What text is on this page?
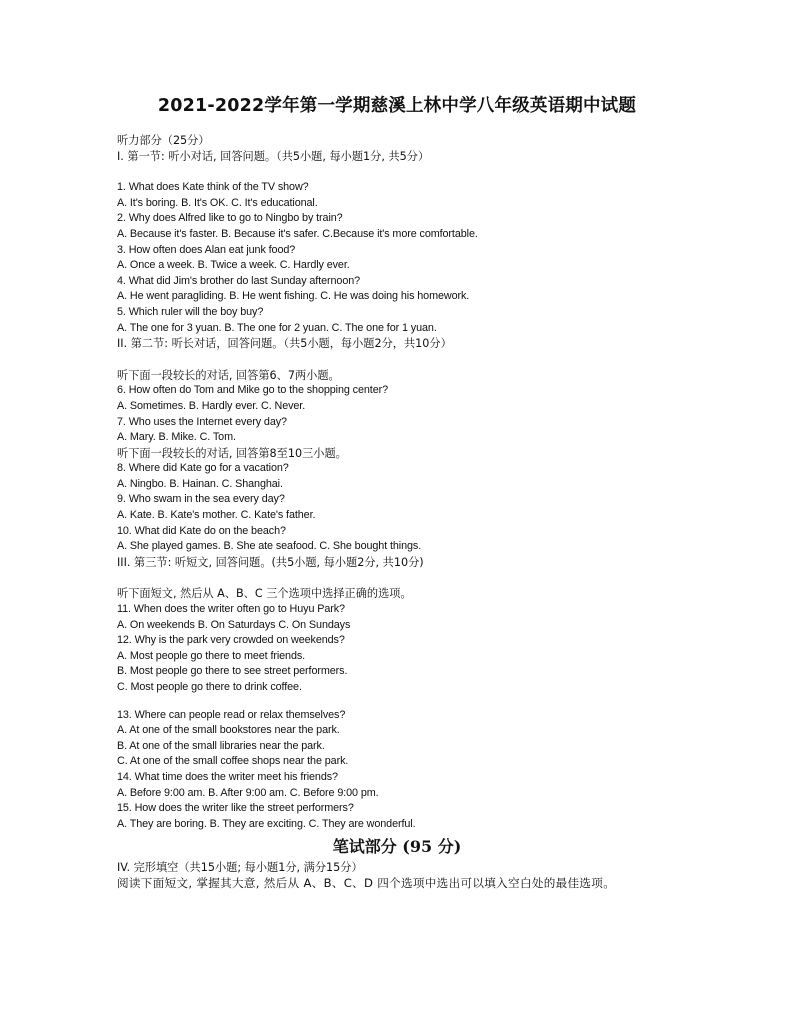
2021-2022学年第一学期慈溪上林中学八年级英语期中试题
听力部分（25分）
I. 第一节: 听小对话, 回答问题。（共5小题, 每小题1分, 共5分）
1. What does Kate think of the TV show?
A. It's boring. B. It's OK. C. It's educational.
2. Why does Alfred like to go to Ningbo by train?
A. Because it's faster. B. Because it's safer. C.Because it's more comfortable.
3. How often does Alan eat junk food?
A. Once a week. B. Twice a week. C. Hardly ever.
4. What did Jim's brother do last Sunday afternoon?
A. He went paragliding. B. He went fishing. C. He was doing his homework.
5. Which ruler will the boy buy?
A. The one for 3 yuan. B. The one for 2 yuan. C. The one for 1 yuan.
II. 第二节: 听长对话，回答问题。（共5小题，每小题2分，共10分）
听下面一段较长的对话, 回答第6、7两小题。
6. How often do Tom and Mike go to the shopping center?
A. Sometimes. B. Hardly ever. C. Never.
7. Who uses the Internet every day?
A. Mary. B. Mike. C. Tom.
听下面一段较长的对话, 回答第8至10三小题。
8. Where did Kate go for a vacation?
A. Ningbo. B. Hainan. C. Shanghai.
9. Who swam in the sea every day?
A. Kate. B. Kate's mother. C. Kate's father.
10. What did Kate do on the beach?
A. She played games. B. She ate seafood. C. She bought things.
III. 第三节: 听短文, 回答问题。(共5小题, 每小题2分, 共10分)
听下面短文, 然后从 A、B、C 三个选项中选择正确的选项。
11. When does the writer often go to Huyu Park?
A. On weekends B. On Saturdays C. On Sundays
12. Why is the park very crowded on weekends?
A. Most people go there to meet friends.
B. Most people go there to see street performers.
C. Most people go there to drink coffee.
13. Where can people read or relax themselves?
A. At one of the small bookstores near the park.
B. At one of the small libraries near the park.
C. At one of the small coffee shops near the park.
14. What time does the writer meet his friends?
A. Before 9:00 am. B. After 9:00 am. C. Before 9:00 pm.
15. How does the writer like the street performers?
A. They are boring. B. They are exciting. C. They are wonderful.
笔试部分 (95 分)
IV. 完形填空（共15小题; 每小题1分, 满分15分）
阅读下面短文, 掌握其大意, 然后从 A、B、C、D 四个选项中选出可以填入空白处的最佳选项。
